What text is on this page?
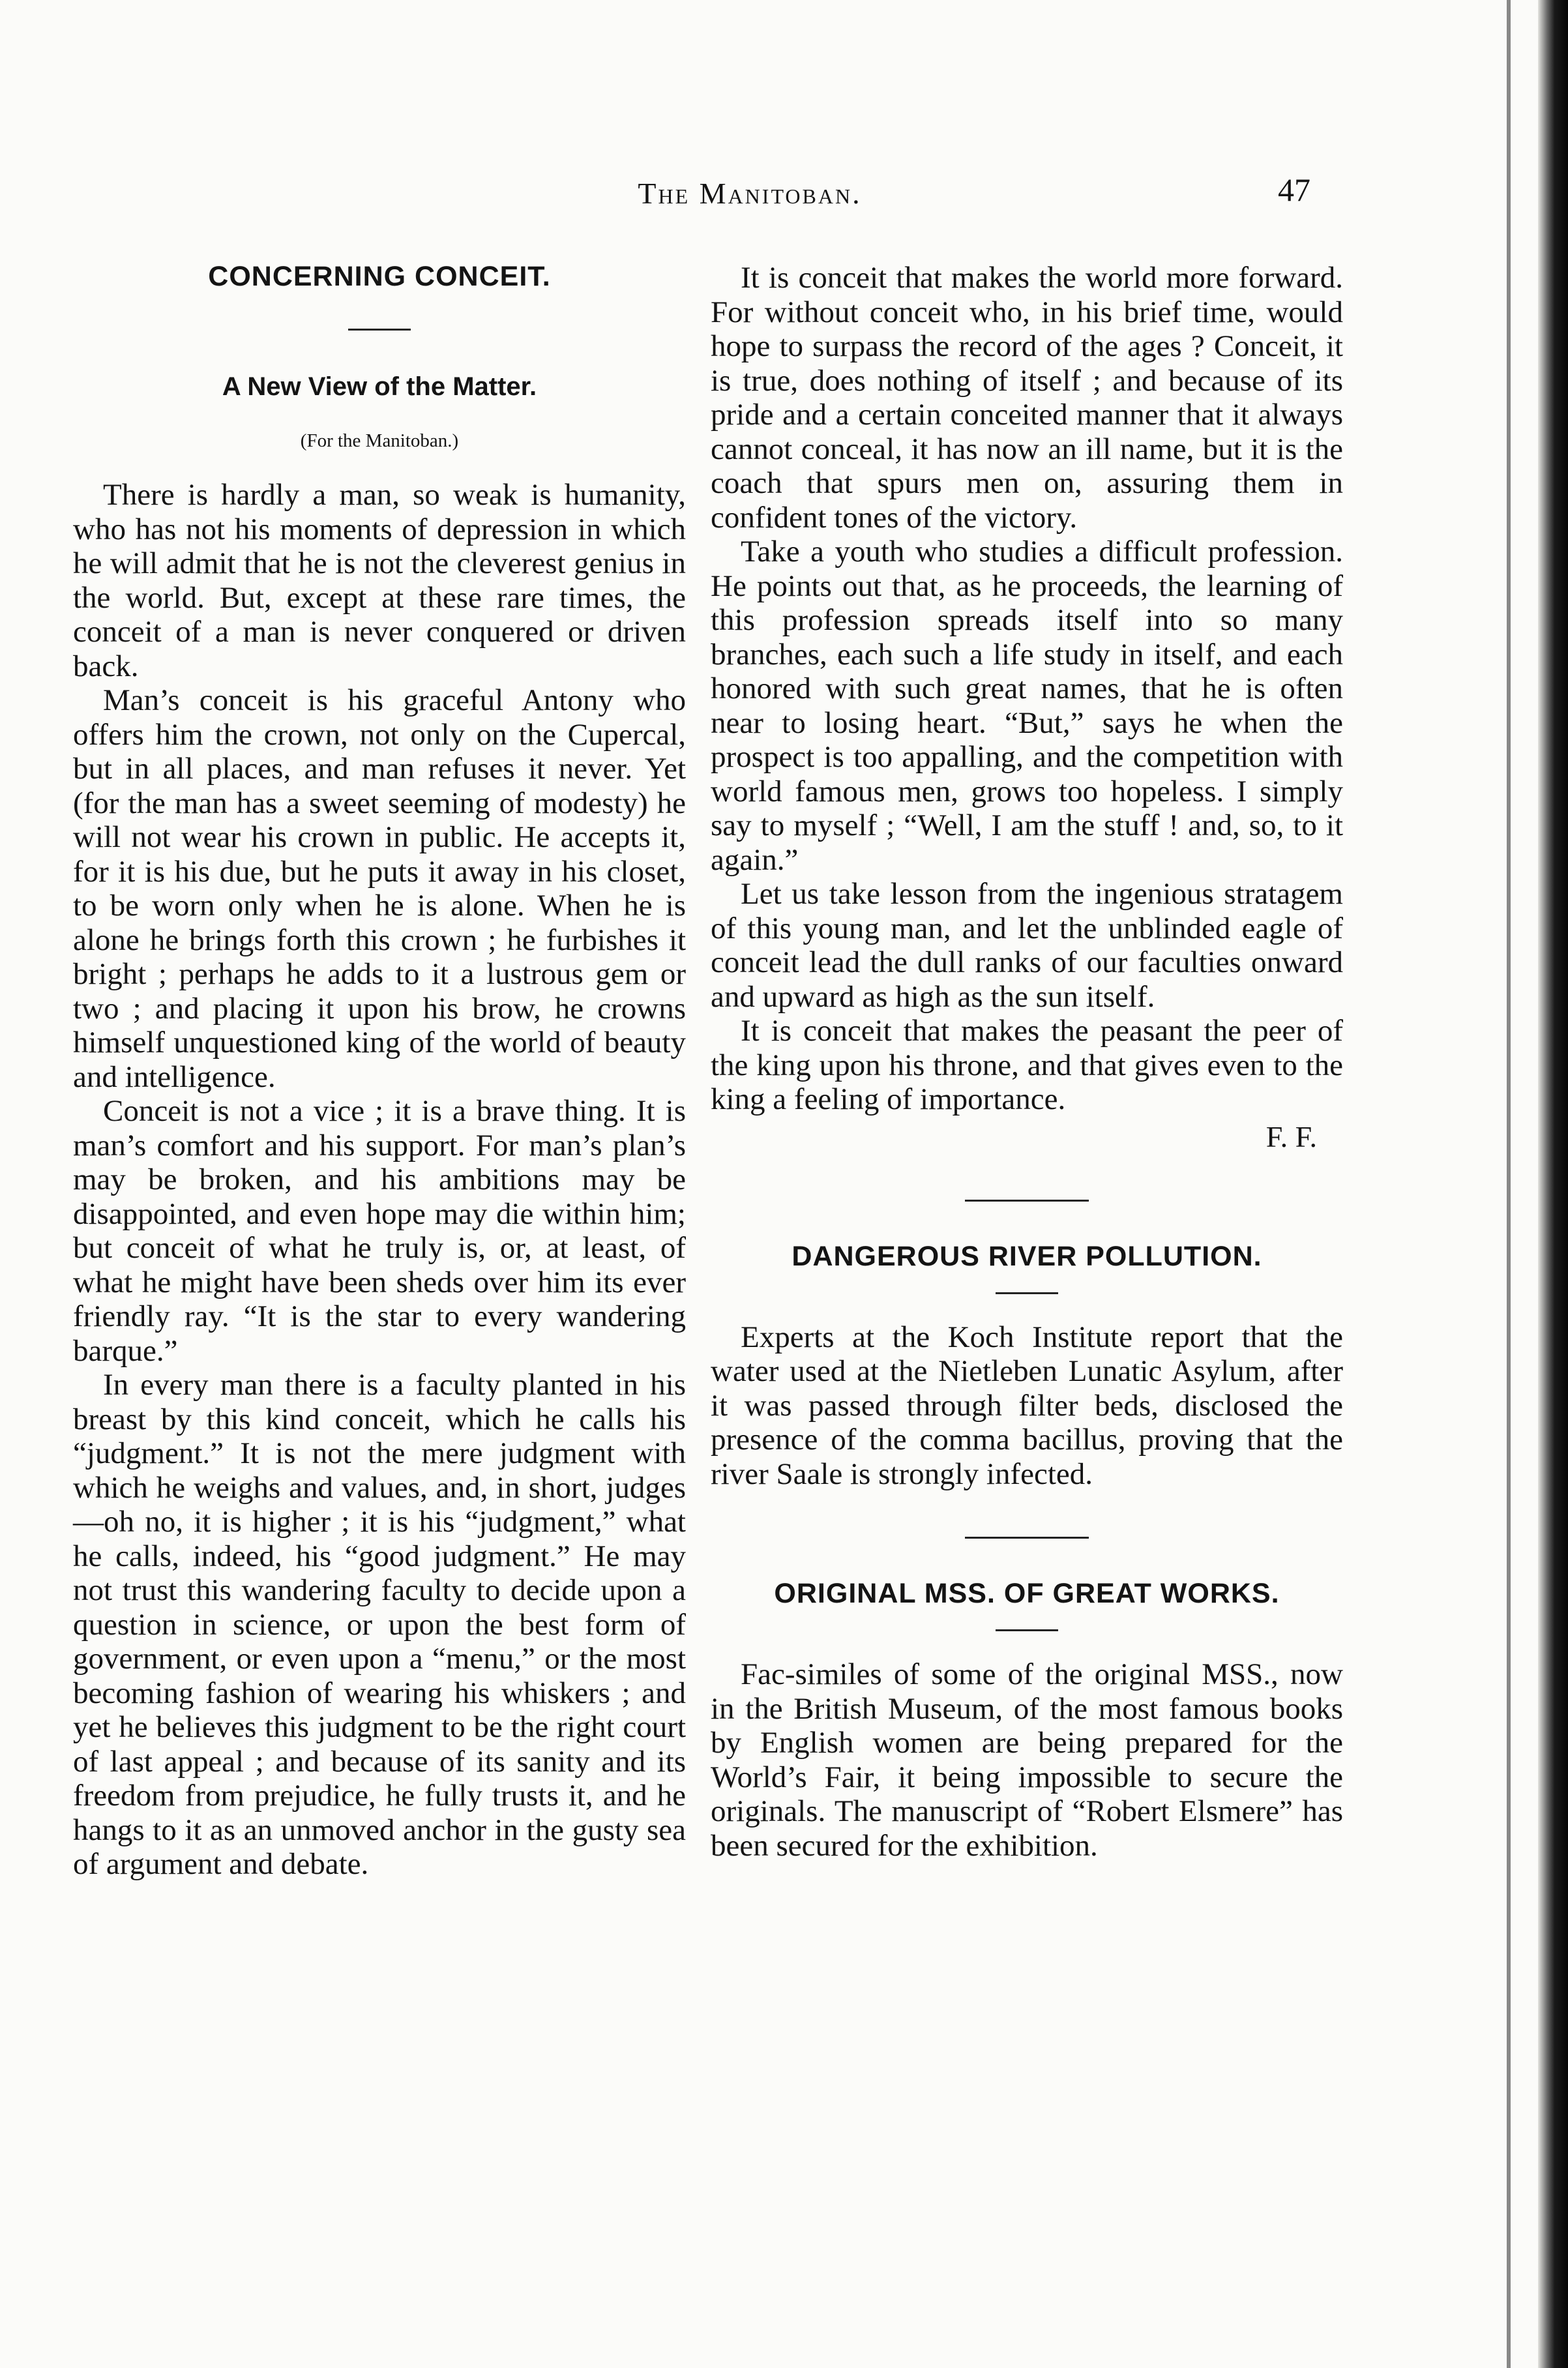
The Manitoban.	47
CONCERNING CONCEIT.
A New View of the Matter.
(For the Manitoban.)

There is hardly a man, so weak is humanity, who has not his moments of depression in which he will admit that he is not the cleverest genius in the world. But, except at these rare times, the conceit of a man is never conquered or driven back.

Man’s conceit is his graceful Antony who offers him the crown, not only on the Cupercal, but in all places, and man refuses it never. Yet (for the man has a sweet seeming of modesty) he will not wear his crown in public. He accepts it, for it is his due, but he puts it away in his closet, to be worn only when he is alone. When he is alone he brings forth this crown ; he furbishes it bright ; perhaps he adds to it a lustrous gem or two ; and placing it upon his brow, he crowns himself unquestioned king of the world of beauty and intelligence.

Conceit is not a vice ; it is a brave thing. It is man’s comfort and his support. For man’s plan’s may be broken, and his ambitions may be disappointed, and even hope may die within him; but conceit of what he truly is, or, at least, of what he might have been sheds over him its ever friendly ray. “It is the star to every wandering barque.”

In every man there is a faculty planted in his breast by this kind conceit, which he calls his “judgment.” It is not the mere judgment with which he weighs and values, and, in short, judges—oh no, it is higher ; it is his “judgment,” what he calls, indeed, his “good judgment.” He may not trust this wandering faculty to decide upon a question in science, or upon the best form of government, or even upon a “menu,” or the most becoming fashion of wearing his whiskers ; and yet he believes this judgment to be the right court of last appeal ; and because of its sanity and its freedom from prejudice, he fully trusts it, and he hangs to it as an unmoved anchor in the gusty sea of argument and debate.

It is conceit that makes the world more forward. For without conceit who, in his brief time, would hope to surpass the record of the ages ? Conceit, it is true, does nothing of itself ; and because of its pride and a certain conceited manner that it always cannot conceal, it has now an ill name, but it is the coach that spurs men on, assuring them in confident tones of the victory.

Take a youth who studies a difficult profession. He points out that, as he proceeds, the learning of this profession spreads itself into so many branches, each such a life study in itself, and each honored with such great names, that he is often near to losing heart. “But,” says he when the prospect is too appalling, and the competition with world famous men, grows too hopeless. I simply say to myself ; “Well, I am the stuff ! and, so, to it again.”

Let us take lesson from the ingenious stratagem of this young man, and let the unblinded eagle of conceit lead the dull ranks of our faculties onward and upward as high as the sun itself.

It is conceit that makes the peasant the peer of the king upon his throne, and that gives even to the king a feeling of importance.

F. F.
DANGEROUS RIVER POLLUTION.

Experts at the Koch Institute report that the water used at the Nietleben Lunatic Asylum, after it was passed through filter beds, disclosed the presence of the comma bacillus, proving that the river Saale is strongly infected.

ORIGINAL MSS. OF GREAT WORKS.

Fac-similes of some of the original MSS., now in the British Museum, of the most famous books by English women are being prepared for the World’s Fair, it being impossible to secure the originals. The manuscript of “Robert Elsmere” has been secured for the exhibition.
